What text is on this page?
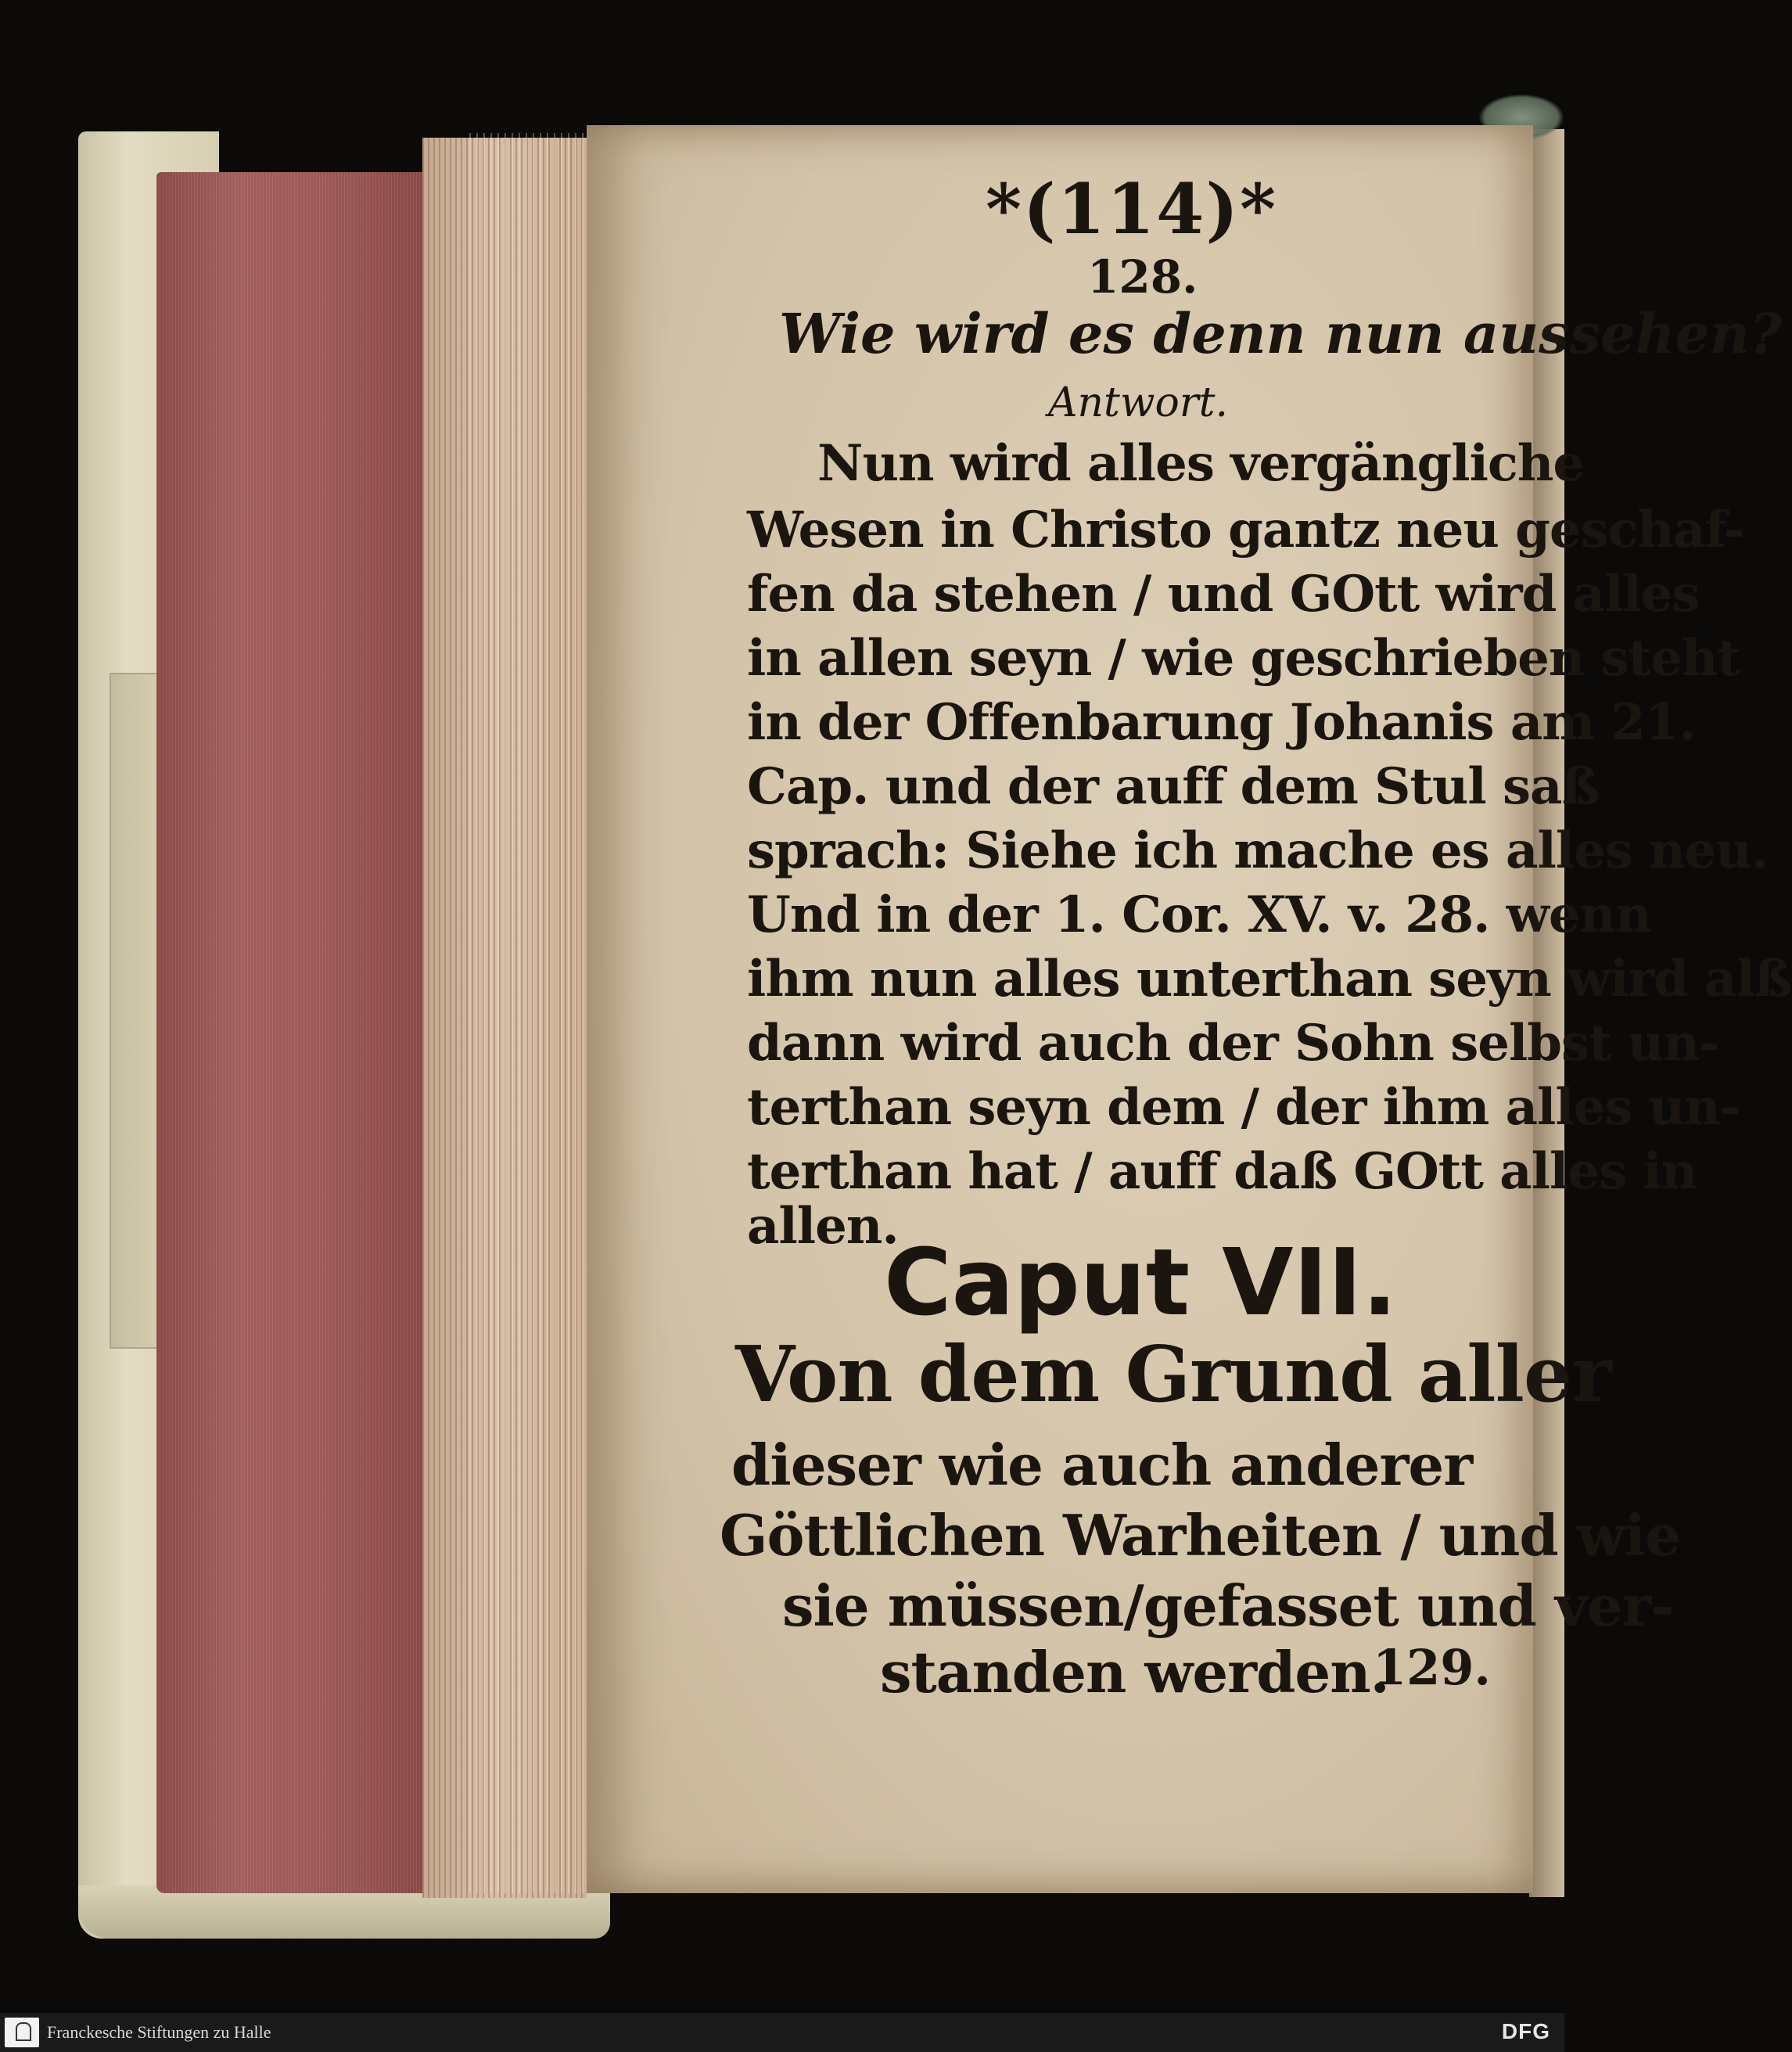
*(114)*
128.
Wie wird es denn nun aussehen?
Antwort.
Nun wird alles vergängliche
Wesen in Christo gantz neu geschaf-
fen da stehen / und GOtt wird alles
in allen seyn / wie geschrieben steht
in der Offenbarung Johanis am 21.
Cap. und der auff dem Stul saß
sprach: Siehe ich mache es alles neu.
Und in der 1. Cor. XV. v. 28. wenn
ihm nun alles unterthan seyn wird alß
dann wird auch der Sohn selbst un-
terthan seyn dem / der ihm alles un-
terthan hat / auff daß GOtt alles in
allen.
Caput VII.
Von dem Grund aller
dieser wie auch anderer
Göttlichen Warheiten / und wie
sie müssen/gefasset und ver-
standen werden.
129.
Franckesche Stiftungen zu Halle	DFG
